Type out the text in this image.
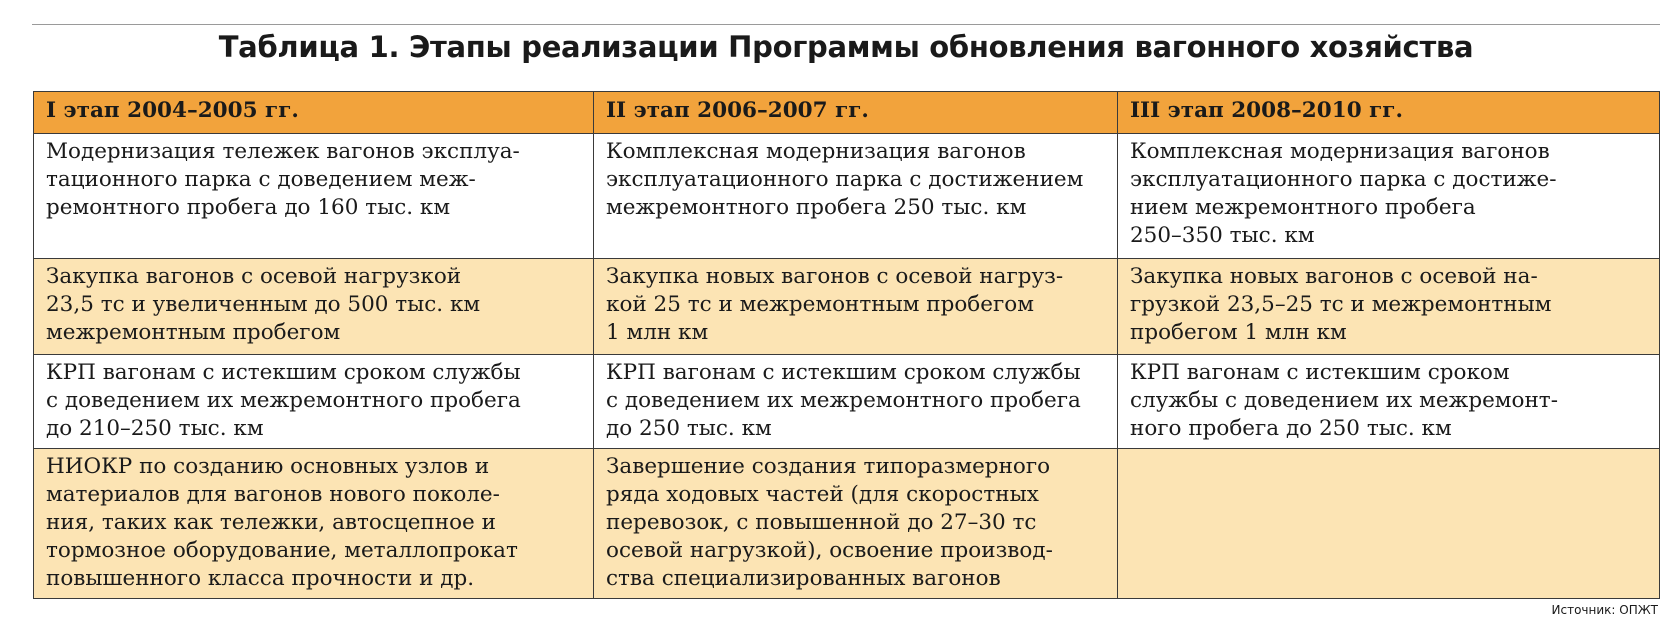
Таблица 1. Этапы реализации Программы обновления вагонного хозяйства
I этап 2004–2005 гг.	II этап 2006–2007 гг.	III этап 2008–2010 гг.
Модернизация тележек вагонов эксплуа-
тационного парка с доведением меж-
ремонтного пробега до 160 тыс. км	Комплексная модернизация вагонов
эксплуатационного парка с достижением
межремонтного пробега 250 тыс. км	Комплексная модернизация вагонов
эксплуатационного парка с достиже-
нием межремонтного пробега
250–350 тыс. км
Закупка вагонов с осевой нагрузкой
23,5 тс и увеличенным до 500 тыс. км
межремонтным пробегом	Закупка новых вагонов с осевой нагруз-
кой 25 тс и межремонтным пробегом
1 млн км	Закупка новых вагонов с осевой на-
грузкой 23,5–25 тс и межремонтным
пробегом 1 млн км
КРП вагонам с истекшим сроком службы
с доведением их межремонтного пробега
до 210–250 тыс. км	КРП вагонам с истекшим сроком службы
с доведением их межремонтного пробега
до 250 тыс. км	КРП вагонам с истекшим сроком
службы с доведением их межремонт-
ного пробега до 250 тыс. км
НИОКР по созданию основных узлов и
материалов для вагонов нового поколе-
ния, таких как тележки, автосцепное и
тормозное оборудование, металлопрокат
повышенного класса прочности и др.	Завершение создания типоразмерного
ряда ходовых частей (для скоростных
перевозок, с повышенной до 27–30 тс
осевой нагрузкой), освоение производ-
ства специализированных вагонов	
Источник: ОПЖТ
